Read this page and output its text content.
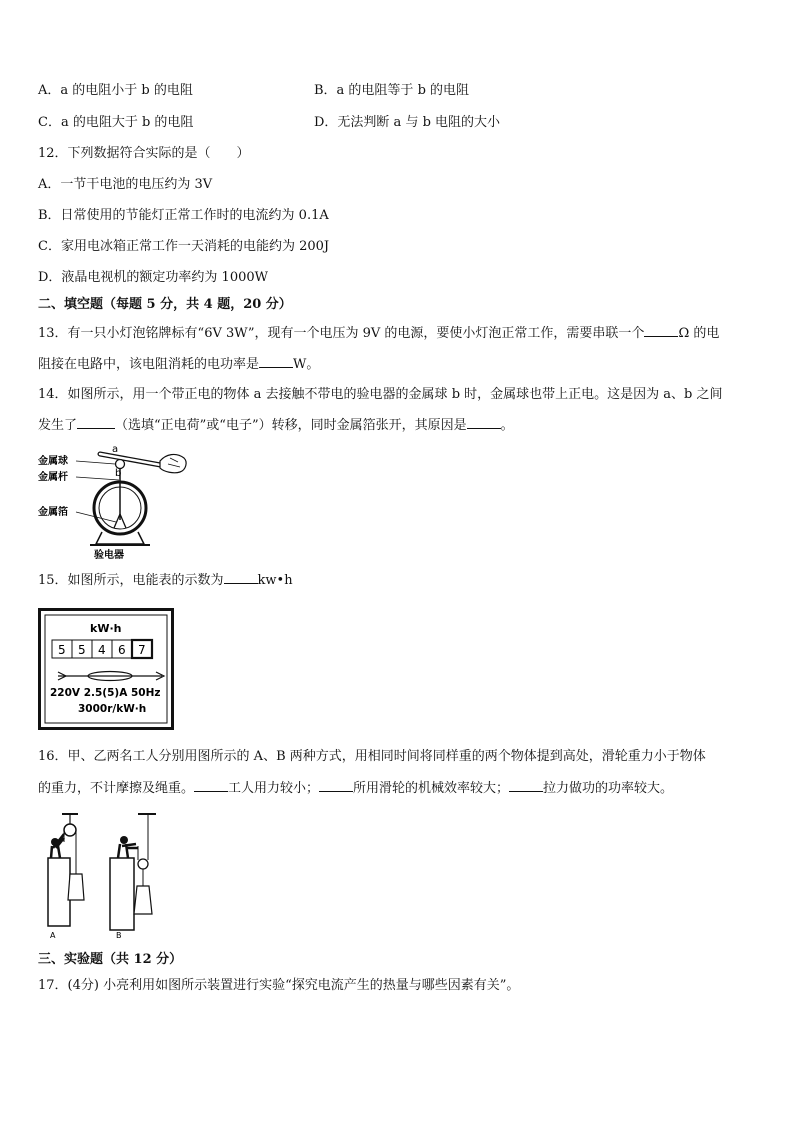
A．a 的电阻小于 b 的电阻	B．a 的电阻等于 b 的电阻
C．a 的电阻大于 b 的电阻	D．无法判断 a 与 b 电阻的大小
12．下列数据符合实际的是（　　）
A．一节干电池的电压约为 3V
B．日常使用的节能灯正常工作时的电流约为 0.1A
C．家用电冰箱正常工作一天消耗的电能约为 200J
D．液晶电视机的额定功率约为 1000W
二、填空题（每题 5 分，共 4 题，20 分）
13．有一只小灯泡铭牌标有“6V 3W”，现有一个电压为 9V 的电源，要使小灯泡正常工作，需要串联一个	Ω 的电
阻接在电路中，该电阻消耗的电功率是	W。
14．如图所示，用一个带正电的物体 a 去接触不带电的验电器的金属球 b 时，金属球也带上正电。这是因为 a、b 之间
发生了	（选填“正电荷”或“电子”）转移，同时金属箔张开，其原因是	。
金属球
金属杆
金属箔
a
b
验电器
15．如图所示，电能表的示数为	kw•h
kW·h
5 5 4 6 7
220V 2.5(5)A 50Hz
3000r/kW·h
16．甲、乙两名工人分别用图所示的 A、B 两种方式，用相同时间将同样重的两个物体提到高处，滑轮重力小于物体
的重力，不计摩擦及绳重。	工人用力较小；	所用滑轮的机械效率较大；	拉力做功的功率较大。
A	B
三、实验题（共 12 分）
17．(4分) 小亮利用如图所示装置进行实验“探究电流产生的热量与哪些因素有关”。
